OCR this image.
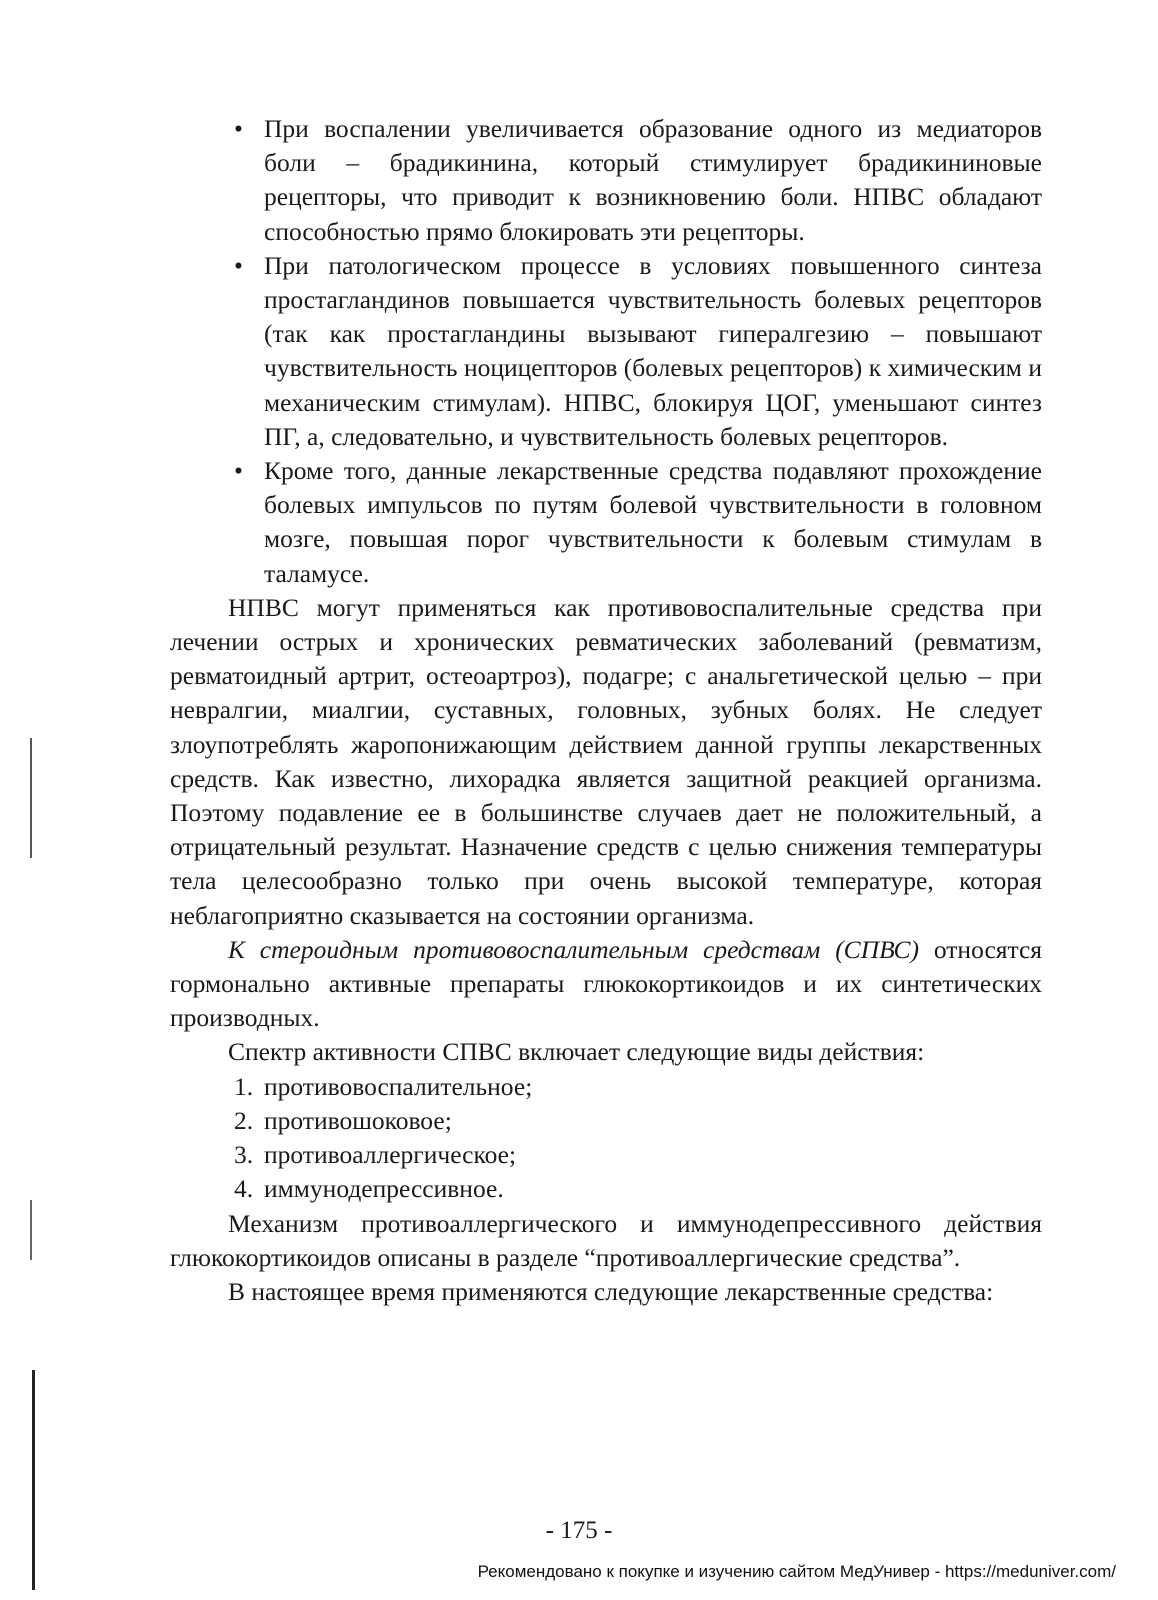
• При воспалении увеличивается образование одного из медиаторов боли – брадикинина, который стимулирует брадикининовые рецепторы, что приводит к возникновению боли. НПВС обладают способностью прямо блокировать эти рецепторы.
• При патологическом процессе в условиях повышенного синтеза простагландинов повышается чувствительность болевых рецепторов (так как простагландины вызывают гипералгезию – повышают чувствительность ноцицепторов (болевых рецепторов) к химическим и механическим стимулам). НПВС, блокируя ЦОГ, уменьшают синтез ПГ, а, следовательно, и чувствительность болевых рецепторов.
• Кроме того, данные лекарственные средства подавляют прохождение болевых импульсов по путям болевой чувствительности в головном мозге, повышая порог чувствительности к болевым стимулам в таламусе.

НПВС могут применяться как противовоспалительные средства при лечении острых и хронических ревматических заболеваний (ревматизм, ревматоидный артрит, остеоартроз), подагре; с анальгетической целью – при невралгии, миалгии, суставных, головных, зубных болях. Не следует злоупотреблять жаропонижающим действием данной группы лекарственных средств. Как известно, лихорадка является защитной реакцией организма. Поэтому подавление ее в большинстве случаев дает не положительный, а отрицательный результат. Назначение средств с целью снижения температуры тела целесообразно только при очень высокой температуре, которая неблагоприятно сказывается на состоянии организма.

К стероидным противовоспалительным средствам (СПВС) относятся гормонально активные препараты глюкокортикоидов и их синтетических производных.

Спектр активности СПВС включает следующие виды действия:

1. противовоспалительное;
2. противошоковое;
3. противоаллергическое;
4. иммунодепрессивное.

Механизм противоаллергического и иммунодепрессивного действия глюкокортикоидов описаны в разделе “противоаллергические средства”.

В настоящее время применяются следующие лекарственные средства:

- 175 -
Рекомендовано к покупке и изучению сайтом МедУнивер - https://meduniver.com/
